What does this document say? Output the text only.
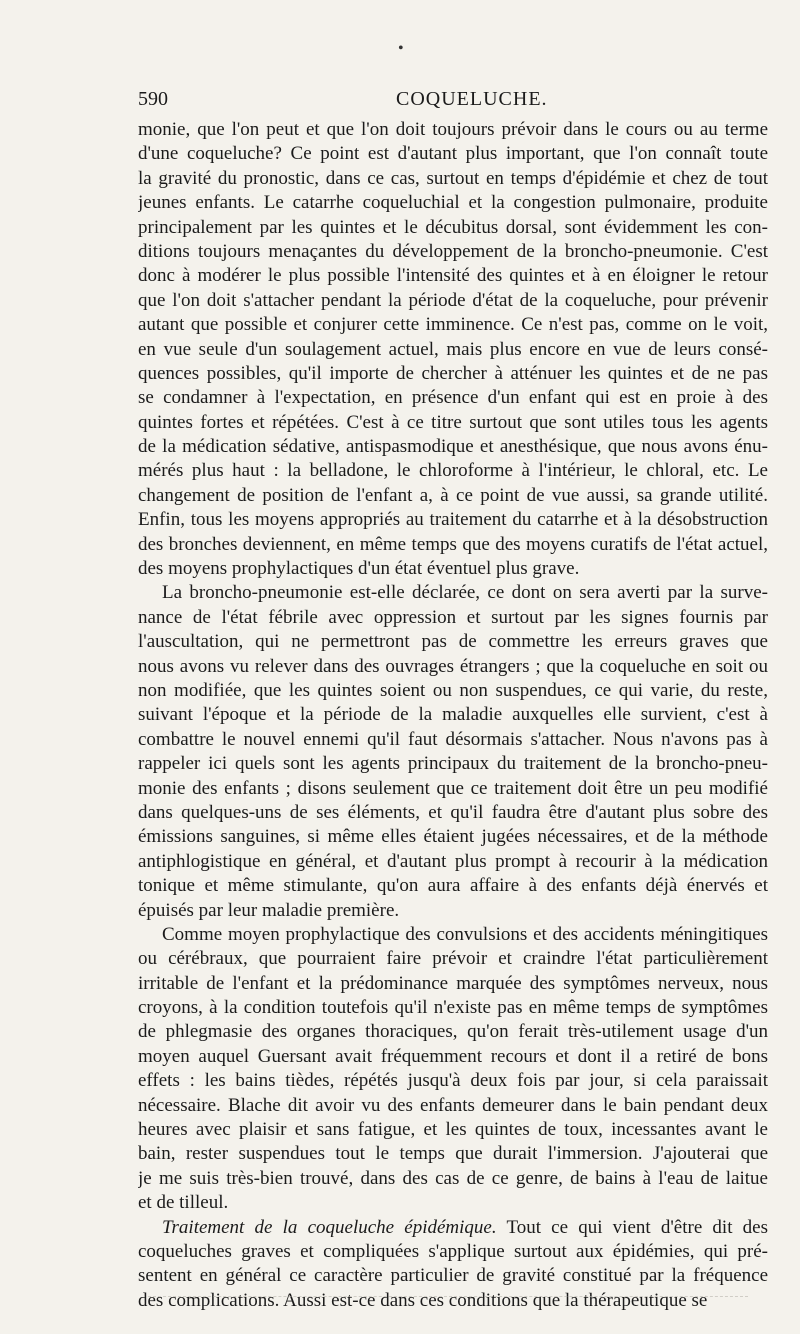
•
590	COQUELUCHE.
monie, que l'on peut et que l'on doit toujours prévoir dans le cours ou au terme
d'une coqueluche? Ce point est d'autant plus important, que l'on connaît toute
la gravité du pronostic, dans ce cas, surtout en temps d'épidémie et chez de tout
jeunes enfants. Le catarrhe coqueluchial et la congestion pulmonaire, produite
principalement par les quintes et le décubitus dorsal, sont évidemment les con-
ditions toujours menaçantes du développement de la broncho-pneumonie. C'est
donc à modérer le plus possible l'intensité des quintes et à en éloigner le retour
que l'on doit s'attacher pendant la période d'état de la coqueluche, pour prévenir
autant que possible et conjurer cette imminence. Ce n'est pas, comme on le voit,
en vue seule d'un soulagement actuel, mais plus encore en vue de leurs consé-
quences possibles, qu'il importe de chercher à atténuer les quintes et de ne pas
se condamner à l'expectation, en présence d'un enfant qui est en proie à des
quintes fortes et répétées. C'est à ce titre surtout que sont utiles tous les agents
de la médication sédative, antispasmodique et anesthésique, que nous avons énu-
mérés plus haut : la belladone, le chloroforme à l'intérieur, le chloral, etc. Le
changement de position de l'enfant a, à ce point de vue aussi, sa grande utilité.
Enfin, tous les moyens appropriés au traitement du catarrhe et à la désobstruction
des bronches deviennent, en même temps que des moyens curatifs de l'état actuel,
des moyens prophylactiques d'un état éventuel plus grave.
La broncho-pneumonie est-elle déclarée, ce dont on sera averti par la surve-
nance de l'état fébrile avec oppression et surtout par les signes fournis par
l'auscultation, qui ne permettront pas de commettre les erreurs graves que
nous avons vu relever dans des ouvrages étrangers ; que la coqueluche en soit ou
non modifiée, que les quintes soient ou non suspendues, ce qui varie, du reste,
suivant l'époque et la période de la maladie auxquelles elle survient, c'est à
combattre le nouvel ennemi qu'il faut désormais s'attacher. Nous n'avons pas à
rappeler ici quels sont les agents principaux du traitement de la broncho-pneu-
monie des enfants ; disons seulement que ce traitement doit être un peu modifié
dans quelques-uns de ses éléments, et qu'il faudra être d'autant plus sobre des
émissions sanguines, si même elles étaient jugées nécessaires, et de la méthode
antiphlogistique en général, et d'autant plus prompt à recourir à la médication
tonique et même stimulante, qu'on aura affaire à des enfants déjà énervés et
épuisés par leur maladie première.
Comme moyen prophylactique des convulsions et des accidents méningitiques
ou cérébraux, que pourraient faire prévoir et craindre l'état particulièrement
irritable de l'enfant et la prédominance marquée des symptômes nerveux, nous
croyons, à la condition toutefois qu'il n'existe pas en même temps de symptômes
de phlegmasie des organes thoraciques, qu'on ferait très-utilement usage d'un
moyen auquel Guersant avait fréquemment recours et dont il a retiré de bons
effets : les bains tièdes, répétés jusqu'à deux fois par jour, si cela paraissait
nécessaire. Blache dit avoir vu des enfants demeurer dans le bain pendant deux
heures avec plaisir et sans fatigue, et les quintes de toux, incessantes avant le
bain, rester suspendues tout le temps que durait l'immersion. J'ajouterai que
je me suis très-bien trouvé, dans des cas de ce genre, de bains à l'eau de laitue
et de tilleul.
Traitement de la coqueluche épidémique. Tout ce qui vient d'être dit des
coqueluches graves et compliquées s'applique surtout aux épidémies, qui pré-
sentent en général ce caractère particulier de gravité constitué par la fréquence
des complications. Aussi est-ce dans ces conditions que la thérapeutique se
